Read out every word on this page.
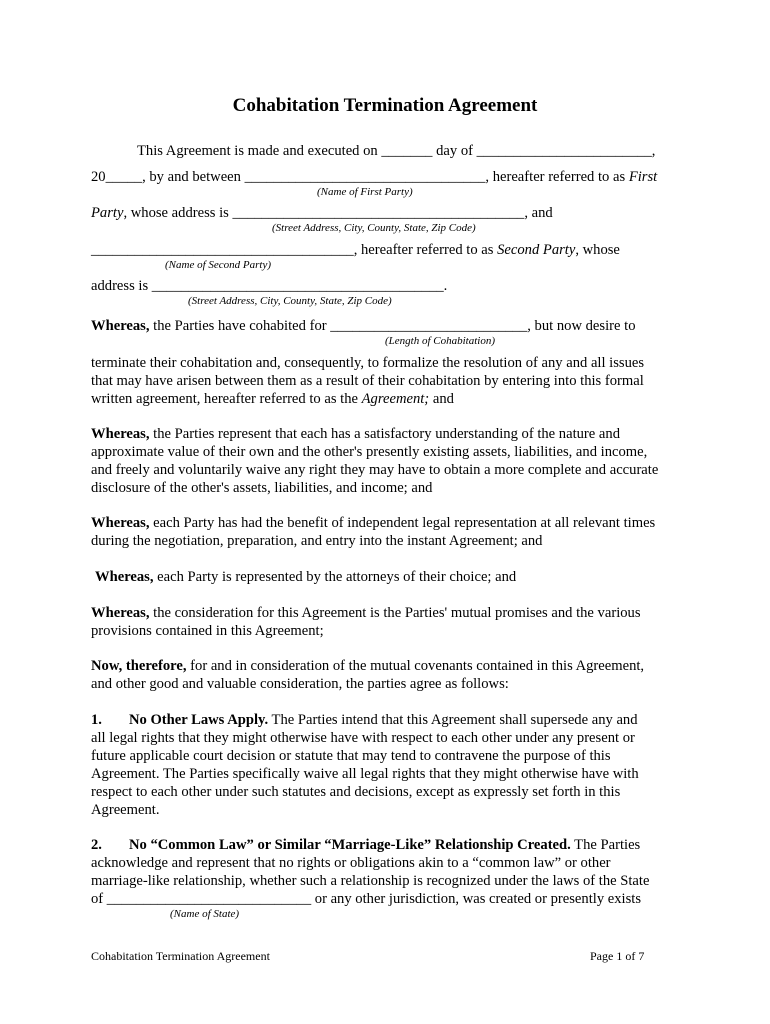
Cohabitation Termination Agreement
This Agreement is made and executed on _______ day of ________________________,
20_____, by and between _________________________________, hereafter referred to as First
(Name of First Party)
Party, whose address is ________________________________________, and
(Street Address, City, County, State, Zip Code)
____________________________________, hereafter referred to as Second Party, whose
(Name of Second Party)
address is ________________________________________.
(Street Address, City, County, State, Zip Code)
Whereas, the Parties have cohabited for ___________________________, but now desire to
(Length of Cohabitation)
terminate their cohabitation and, consequently, to formalize the resolution of any and all issues
that may have arisen between them as a result of their cohabitation by entering into this formal
written agreement, hereafter referred to as the Agreement; and
Whereas, the Parties represent that each has a satisfactory understanding of the nature and
approximate value of their own and the other's presently existing assets, liabilities, and income,
and freely and voluntarily waive any right they may have to obtain a more complete and accurate
disclosure of the other's assets, liabilities, and income; and
Whereas, each Party has had the benefit of independent legal representation at all relevant times
during the negotiation, preparation, and entry into the instant Agreement; and
Whereas, each Party is represented by the attorneys of their choice; and
Whereas, the consideration for this Agreement is the Parties' mutual promises and the various
provisions contained in this Agreement;
Now, therefore, for and in consideration of the mutual covenants contained in this Agreement,
and other good and valuable consideration, the parties agree as follows:
1. No Other Laws Apply. The Parties intend that this Agreement shall supersede any and
all legal rights that they might otherwise have with respect to each other under any present or
future applicable court decision or statute that may tend to contravene the purpose of this
Agreement. The Parties specifically waive all legal rights that they might otherwise have with
respect to each other under such statutes and decisions, except as expressly set forth in this
Agreement.
2. No “Common Law” or Similar “Marriage-Like” Relationship Created. The Parties
acknowledge and represent that no rights or obligations akin to a “common law” or other
marriage-like relationship, whether such a relationship is recognized under the laws of the State
of ____________________________ or any other jurisdiction, was created or presently exists
(Name of State)
Cohabitation Termination Agreement	Page 1 of 7
